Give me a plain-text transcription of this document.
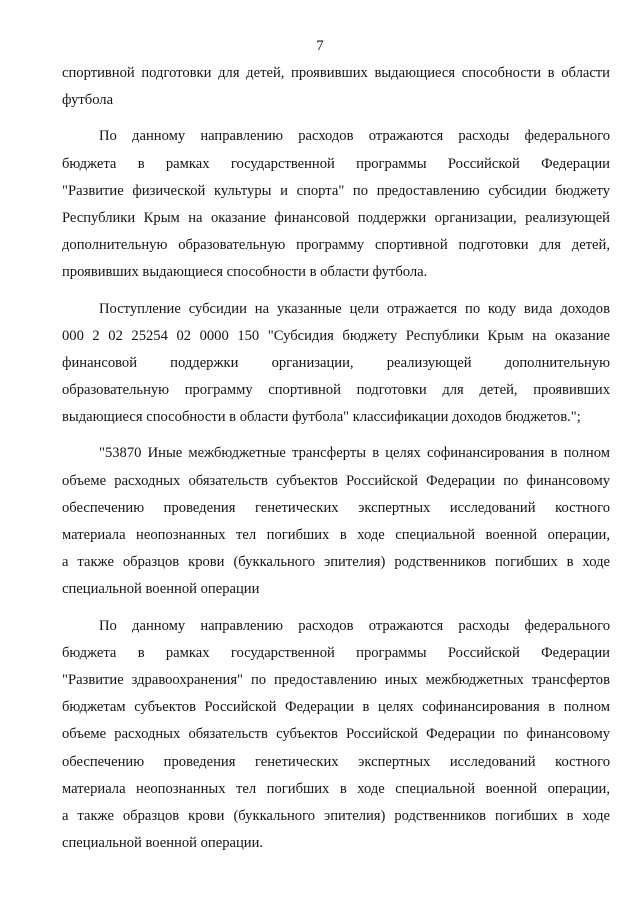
7
спортивной подготовки для детей, проявивших выдающиеся способности в области
футбола
По данному направлению расходов отражаются расходы федерального
бюджета в рамках государственной программы Российской Федерации
"Развитие физической культуры и спорта" по предоставлению субсидии бюджету
Республики Крым на оказание финансовой поддержки организации, реализующей
дополнительную образовательную программу спортивной подготовки для детей,
проявивших выдающиеся способности в области футбола.
Поступление субсидии на указанные цели отражается по коду вида доходов
000 2 02 25254 02 0000 150 "Субсидия бюджету Республики Крым на оказание
финансовой поддержки организации, реализующей дополнительную
образовательную программу спортивной подготовки для детей, проявивших
выдающиеся способности в области футбола" классификации доходов бюджетов.";
"53870 Иные межбюджетные трансферты в целях софинансирования в полном
объеме расходных обязательств субъектов Российской Федерации по финансовому
обеспечению проведения генетических экспертных исследований костного
материала неопознанных тел погибших в ходе специальной военной операции,
а также образцов крови (буккального эпителия) родственников погибших в ходе
специальной военной операции
По данному направлению расходов отражаются расходы федерального
бюджета в рамках государственной программы Российской Федерации
"Развитие здравоохранения" по предоставлению иных межбюджетных трансфертов
бюджетам субъектов Российской Федерации в целях софинансирования в полном
объеме расходных обязательств субъектов Российской Федерации по финансовому
обеспечению проведения генетических экспертных исследований костного
материала неопознанных тел погибших в ходе специальной военной операции,
а также образцов крови (буккального эпителия) родственников погибших в ходе
специальной военной операции.
